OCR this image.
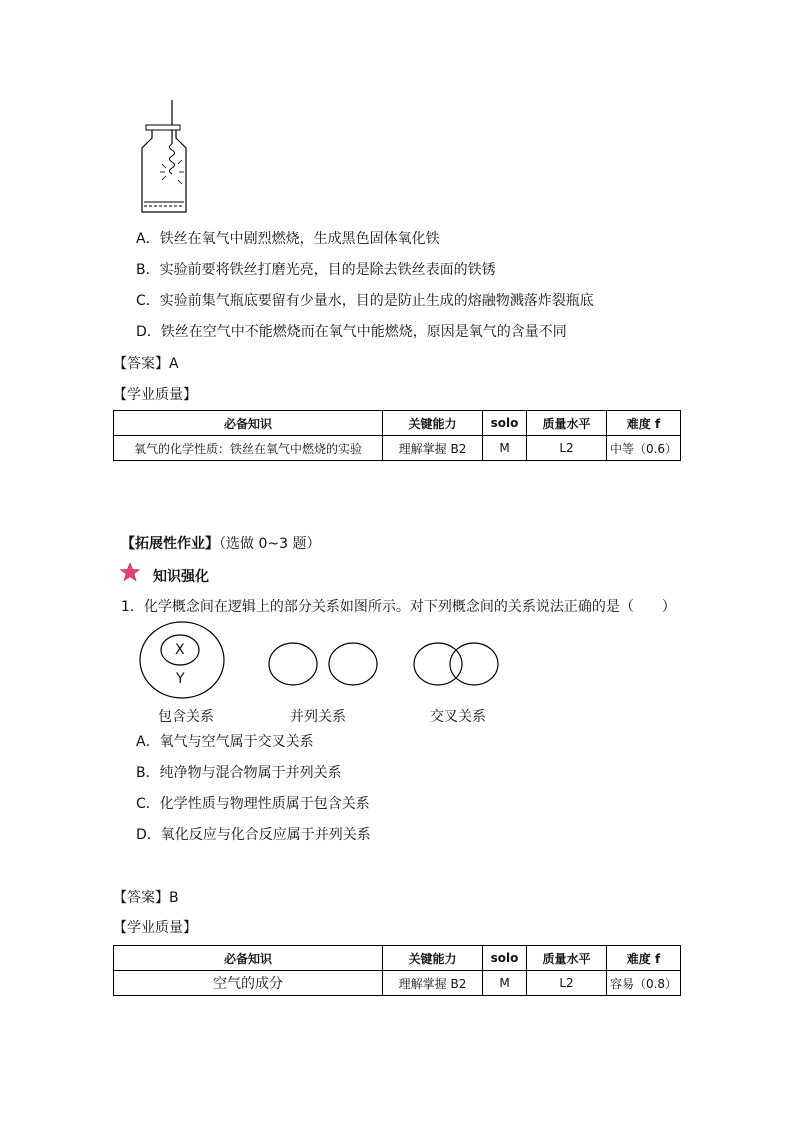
A．铁丝在氧气中剧烈燃烧，生成黑色固体氧化铁
B．实验前要将铁丝打磨光亮，目的是除去铁丝表面的铁锈
C．实验前集气瓶底要留有少量水，目的是防止生成的熔融物溅落炸裂瓶底
D．铁丝在空气中不能燃烧而在氧气中能燃烧，原因是氧气的含量不同
【答案】A
【学业质量】
必备知识	关键能力	solo	质量水平	难度 f
氧气的化学性质：铁丝在氧气中燃烧的实验	理解掌握 B2	M	L2	中等（0.6）
【拓展性作业】（选做 0~3 题）
知识强化
1．化学概念间在逻辑上的部分关系如图所示。对下列概念间的关系说法正确的是（　　）
X
Y
包含关系	并列关系	交叉关系
A．氧气与空气属于交叉关系
B．纯净物与混合物属于并列关系
C．化学性质与物理性质属于包含关系
D．氧化反应与化合反应属于并列关系
【答案】B
【学业质量】
必备知识	关键能力	solo	质量水平	难度 f
空气的成分	理解掌握 B2	M	L2	容易（0.8）
